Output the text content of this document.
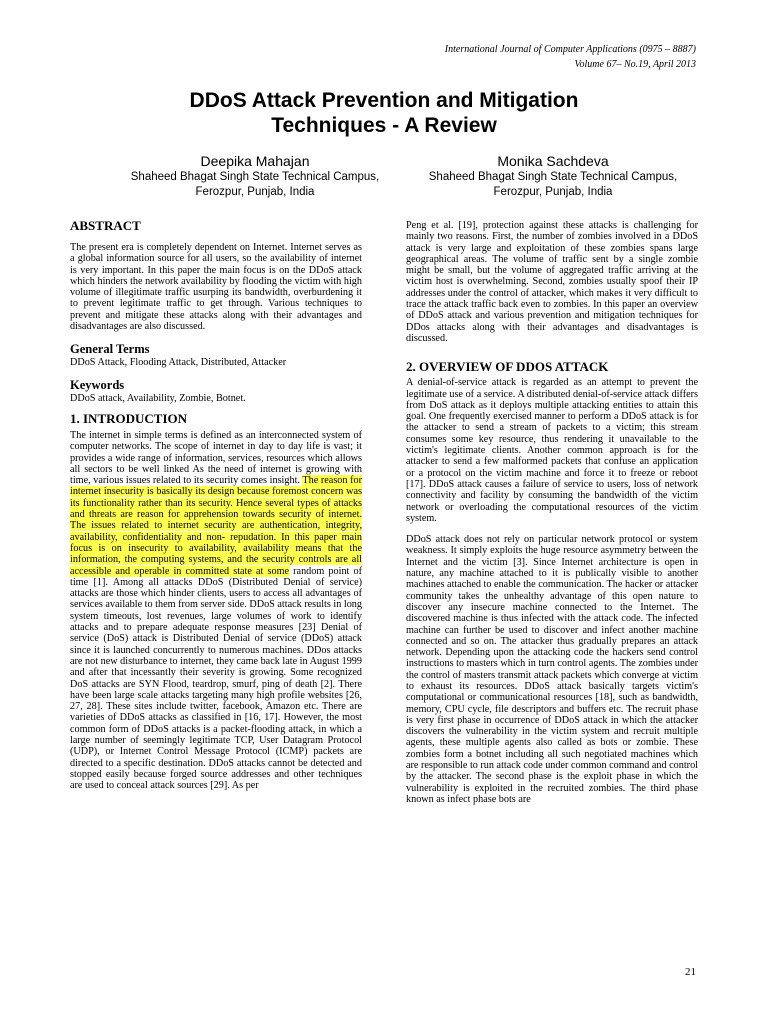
International Journal of Computer Applications (0975 – 8887)
Volume 67– No.19, April 2013
DDoS Attack Prevention and Mitigation
Techniques - A Review
Deepika Mahajan
Shaheed Bhagat Singh State Technical Campus,
Ferozpur, Punjab, India
Monika Sachdeva
Shaheed Bhagat Singh State Technical Campus,
Ferozpur, Punjab, India
ABSTRACT

The present era is completely dependent on Internet. Internet serves as a global information source for all users, so the availability of internet is very important. In this paper the main focus is on the DDoS attack which hinders the network availability by flooding the victim with high volume of illegitimate traffic usurping its bandwidth, overburdening it to prevent legitimate traffic to get through. Various techniques to prevent and mitigate these attacks along with their advantages and disadvantages are also discussed.

General Terms

DDoS Attack, Flooding Attack, Distributed, Attacker

Keywords

DDoS attack, Availability, Zombie, Botnet.

1. INTRODUCTION

The internet in simple terms is defined as an interconnected system of computer networks. The scope of internet in day to day life is vast; it provides a wide range of information, services, resources which allows all sectors to be well linked As the need of internet is growing with time, various issues related to its security comes insight. The reason for internet insecurity is basically its design because foremost concern was its functionality rather than its security. Hence several types of attacks and threats are reason for apprehension towards security of internet. The issues related to internet security are authentication, integrity, availability, confidentiality and non- repudation. In this paper main focus is on insecurity to availability, availability means that the information, the computing systems, and the security controls are all accessible and operable in committed state at some random point of time [1]. Among all attacks DDoS (Distributed Denial of service) attacks are those which hinder clients, users to access all advantages of services available to them from server side. DDoS attack results in long system timeouts, lost revenues, large volumes of work to identify attacks and to prepare adequate response measures [23] Denial of service (DoS) attack is Distributed Denial of service (DDoS) attack since it is launched concurrently to numerous machines. DDos attacks are not new disturbance to internet, they came back late in August 1999 and after that incessantly their severity is growing. Some recognized DoS attacks are SYN Flood, teardrop, smurf, ping of death [2]. There have been large scale attacks targeting many high profile websites [26, 27, 28]. These sites include twitter, facebook, Amazon etc. There are varieties of DDoS attacks as classified in [16, 17]. However, the most common form of DDoS attacks is a packet-flooding attack, in which a large number of seemingly legitimate TCP, User Datagram Protocol (UDP), or Internet Control Message Protocol (ICMP) packets are directed to a specific destination. DDoS attacks cannot be detected and stopped easily because forged source addresses and other techniques are used to conceal attack sources [29]. As per

Peng et al. [19], protection against these attacks is challenging for mainly two reasons. First, the number of zombies involved in a DDoS attack is very large and exploitation of these zombies spans large geographical areas. The volume of traffic sent by a single zombie might be small, but the volume of aggregated traffic arriving at the victim host is overwhelming. Second, zombies usually spoof their IP addresses under the control of attacker, which makes it very difficult to trace the attack traffic back even to zombies. In this paper an overview of DDoS attack and various prevention and mitigation techniques for DDos attacks along with their advantages and disadvantages is discussed.

2. OVERVIEW OF DDOS ATTACK

A denial-of-service attack is regarded as an attempt to prevent the legitimate use of a service. A distributed denial-of-service attack differs from DoS attack as it deploys multiple attacking entities to attain this goal. One frequently exercised manner to perform a DDoS attack is for the attacker to send a stream of packets to a victim; this stream consumes some key resource, thus rendering it unavailable to the victim's legitimate clients. Another common approach is for the attacker to send a few malformed packets that confuse an application or a protocol on the victim machine and force it to freeze or reboot [17]. DDoS attack causes a failure of service to users, loss of network connectivity and facility by consuming the bandwidth of the victim network or overloading the computational resources of the victim system.

DDoS attack does not rely on particular network protocol or system weakness. It simply exploits the huge resource asymmetry between the Internet and the victim [3]. Since Internet architecture is open in nature, any machine attached to it is publically visible to another machines attached to enable the communication. The hacker or attacker community takes the unhealthy advantage of this open nature to discover any insecure machine connected to the Internet. The discovered machine is thus infected with the attack code. The infected machine can further be used to discover and infect another machine connected and so on. The attacker thus gradually prepares an attack network. Depending upon the attacking code the hackers send control instructions to masters which in turn control agents. The zombies under the control of masters transmit attack packets which converge at victim to exhaust its resources. DDoS attack basically targets victim's computational or communicational resources [18], such as bandwidth, memory, CPU cycle, file descriptors and buffers etc. The recruit phase is very first phase in occurrence of DDoS attack in which the attacker discovers the vulnerability in the victim system and recruit multiple agents, these multiple agents also called as bots or zombie. These zombies form a botnet including all such negotiated machines which are responsible to run attack code under common command and control by the attacker. The second phase is the exploit phase in which the vulnerability is exploited in the recruited zombies. The third phase known as infect phase bots are

21
